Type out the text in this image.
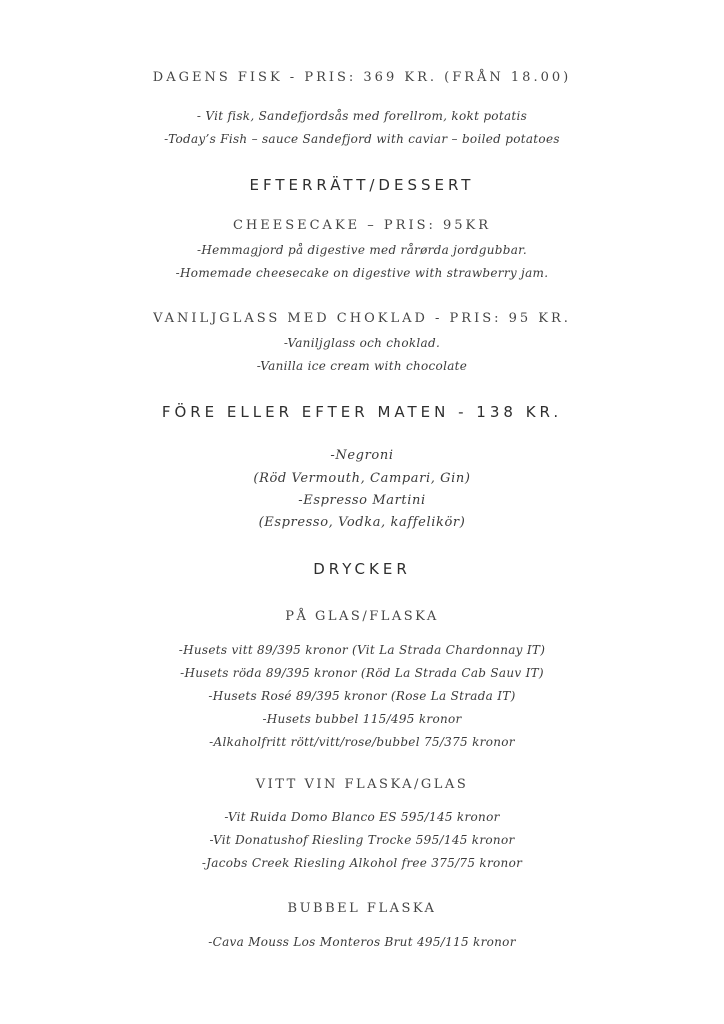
DAGENS FISK - PRIS: 369 KR. (FRÅN 18.00)
- Vit fisk, Sandefjordsås med forellrom, kokt potatis
-Today’s Fish – sauce Sandefjord with caviar – boiled potatoes
EFTERRÄTT/DESSERT
CHEESECAKE – PRIS: 95KR
-Hemmagjord på digestive med rårørda jordgubbar.
-Homemade cheesecake on digestive with strawberry jam.
VANILJGLASS MED CHOKLAD - PRIS: 95 KR.
-Vaniljglass och choklad.
-Vanilla ice cream with chocolate
FÖRE ELLER EFTER MATEN - 138 KR.
-Negroni
(Röd Vermouth, Campari, Gin)
-Espresso Martini
(Espresso, Vodka, kaffelikör)
DRYCKER
PÅ GLAS/FLASKA
-Husets vitt 89/395 kronor (Vit La Strada Chardonnay IT)
-Husets röda 89/395 kronor (Röd La Strada Cab Sauv IT)
-Husets Rosé 89/395 kronor (Rose La Strada IT)
-Husets bubbel 115/495 kronor
-Alkaholfritt rött/vitt/rose/bubbel 75/375 kronor
VITT VIN FLASKA/GLAS
-Vit Ruida Domo Blanco ES 595/145 kronor
-Vit Donatushof Riesling Trocke 595/145 kronor
-Jacobs Creek Riesling Alkohol free 375/75 kronor
BUBBEL FLASKA
-Cava Mouss Los Monteros Brut 495/115 kronor
